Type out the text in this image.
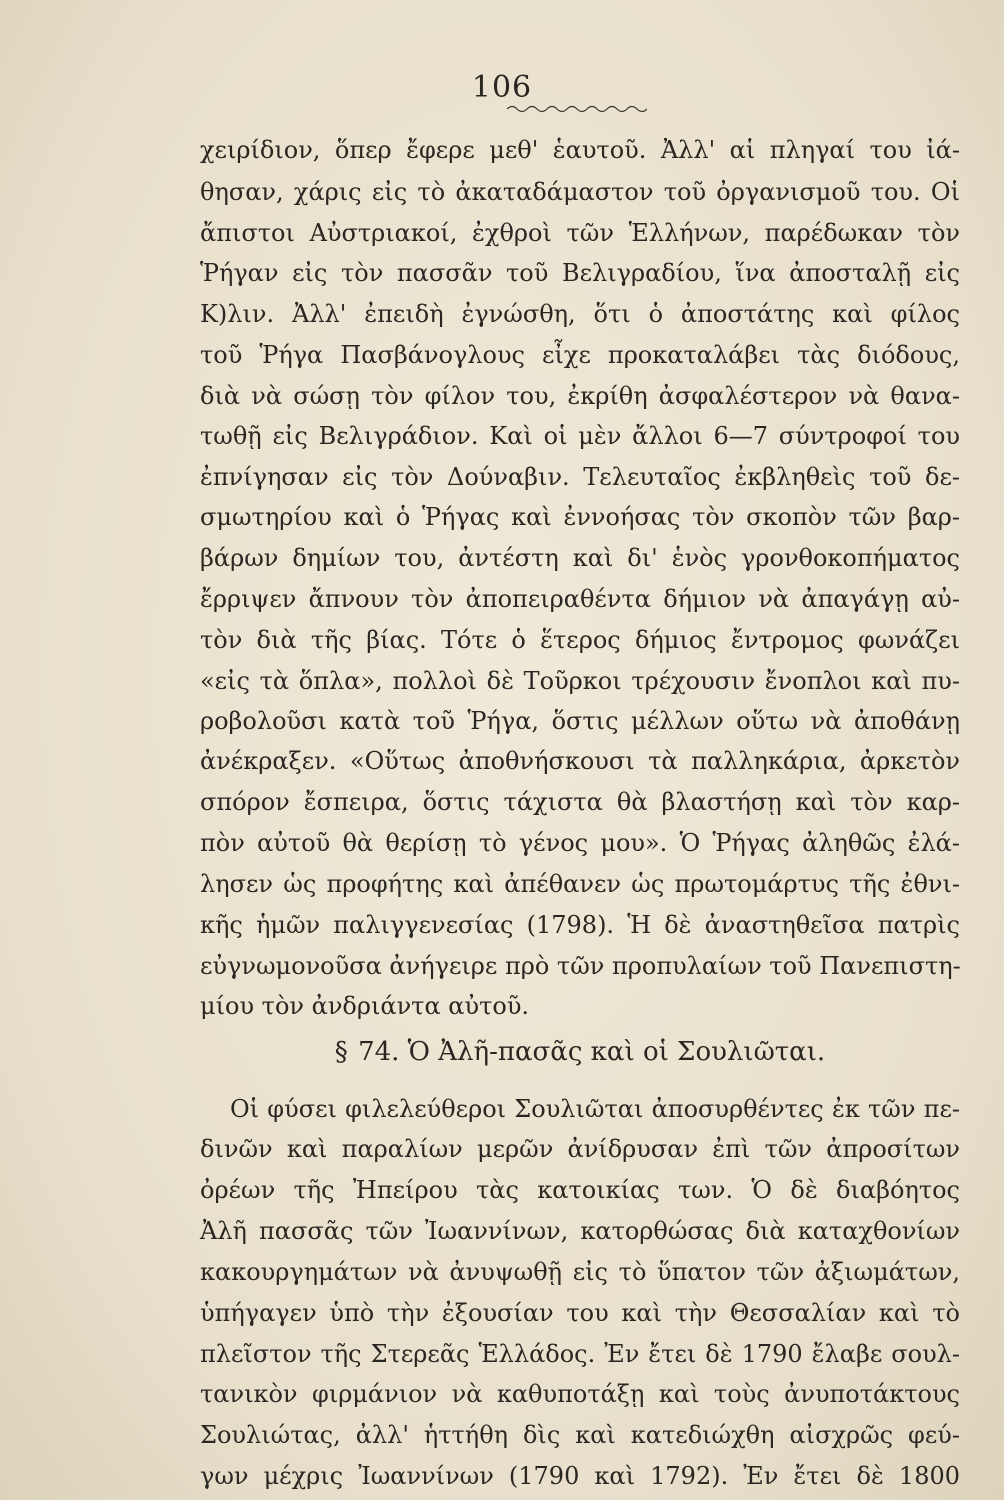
106
χειρίδιον, ὅπερ ἔφερε μεθ' ἑαυτοῦ. Ἀλλ' αἱ πληγαί του ἰά-
θησαν, χάρις εἰς τὸ ἀκαταδάμαστον τοῦ ὀργανισμοῦ του. Οἱ
ἄπιστοι Αὐστριακοί, ἐχθροὶ τῶν Ἑλλήνων, παρέδωκαν τὸν
Ῥήγαν εἰς τὸν πασσᾶν τοῦ Βελιγραδίου, ἵνα ἀποσταλῇ εἰς
Κ)λιν. Ἀλλ' ἐπειδὴ ἐγνώσθη, ὅτι ὁ ἀποστάτης καὶ φίλος
τοῦ Ῥήγα Πασβάνογλους εἶχε προκαταλάβει τὰς διόδους,
διὰ νὰ σώσῃ τὸν φίλον του, ἐκρίθη ἀσφαλέστερον νὰ θανα-
τωθῇ εἰς Βελιγράδιον. Καὶ οἱ μὲν ἄλλοι 6—7 σύντροφοί του
ἐπνίγησαν εἰς τὸν Δούναβιν. Τελευταῖος ἐκβληθεὶς τοῦ δε-
σμωτηρίου καὶ ὁ Ῥήγας καὶ ἐννοήσας τὸν σκοπὸν τῶν βαρ-
βάρων δημίων του, ἀντέστη καὶ δι' ἑνὸς γρονθοκοπήματος
ἔρριψεν ἄπνουν τὸν ἀποπειραθέντα δήμιον νὰ ἀπαγάγῃ αὐ-
τὸν διὰ τῆς βίας. Τότε ὁ ἕτερος δήμιος ἔντρομος φωνάζει
«εἰς τὰ ὅπλα», πολλοὶ δὲ Τοῦρκοι τρέχουσιν ἔνοπλοι καὶ πυ-
ροβολοῦσι κατὰ τοῦ Ῥήγα, ὅστις μέλλων οὕτω νὰ ἀποθάνῃ
ἀνέκραξεν. «Οὕτως ἀποθνήσκουσι τὰ παλληκάρια, ἀρκετὸν
σπόρον ἔσπειρα, ὅστις τάχιστα θὰ βλαστήσῃ καὶ τὸν καρ-
πὸν αὐτοῦ θὰ θερίσῃ τὸ γένος μου». Ὁ Ῥήγας ἀληθῶς ἐλά-
λησεν ὡς προφήτης καὶ ἀπέθανεν ὡς πρωτομάρτυς τῆς ἐθνι-
κῆς ἡμῶν παλιγγενεσίας (1798). Ἡ δὲ ἀναστηθεῖσα πατρὶς
εὐγνωμονοῦσα ἀνήγειρε πρὸ τῶν προπυλαίων τοῦ Πανεπιστη-
μίου τὸν ἀνδριάντα αὐτοῦ.
§ 74. Ὁ Ἀλῆ-πασᾶς καὶ οἱ Σουλιῶται.
Οἱ φύσει φιλελεύθεροι Σουλιῶται ἀποσυρθέντες ἐκ τῶν πε-
δινῶν καὶ παραλίων μερῶν ἀνίδρυσαν ἐπὶ τῶν ἀπροσίτων
ὀρέων τῆς Ἠπείρου τὰς κατοικίας των. Ὁ δὲ διαβόητος
Ἀλῆ πασσᾶς τῶν Ἰωαννίνων, κατορθώσας διὰ καταχθονίων
κακουργημάτων νὰ ἀνυψωθῇ εἰς τὸ ὕπατον τῶν ἀξιωμάτων,
ὑπήγαγεν ὑπὸ τὴν ἐξουσίαν του καὶ τὴν Θεσσαλίαν καὶ τὸ
πλεῖστον τῆς Στερεᾶς Ἑλλάδος. Ἐν ἔτει δὲ 1790 ἔλαβε σουλ-
τανικὸν φιρμάνιον νὰ καθυποτάξῃ καὶ τοὺς ἀνυποτάκτους
Σουλιώτας, ἀλλ' ἡττήθη δὶς καὶ κατεδιώχθη αἰσχρῶς φεύ-
γων μέχρις Ἰωαννίνων (1790 καὶ 1792). Ἐν ἔτει δὲ 1800
